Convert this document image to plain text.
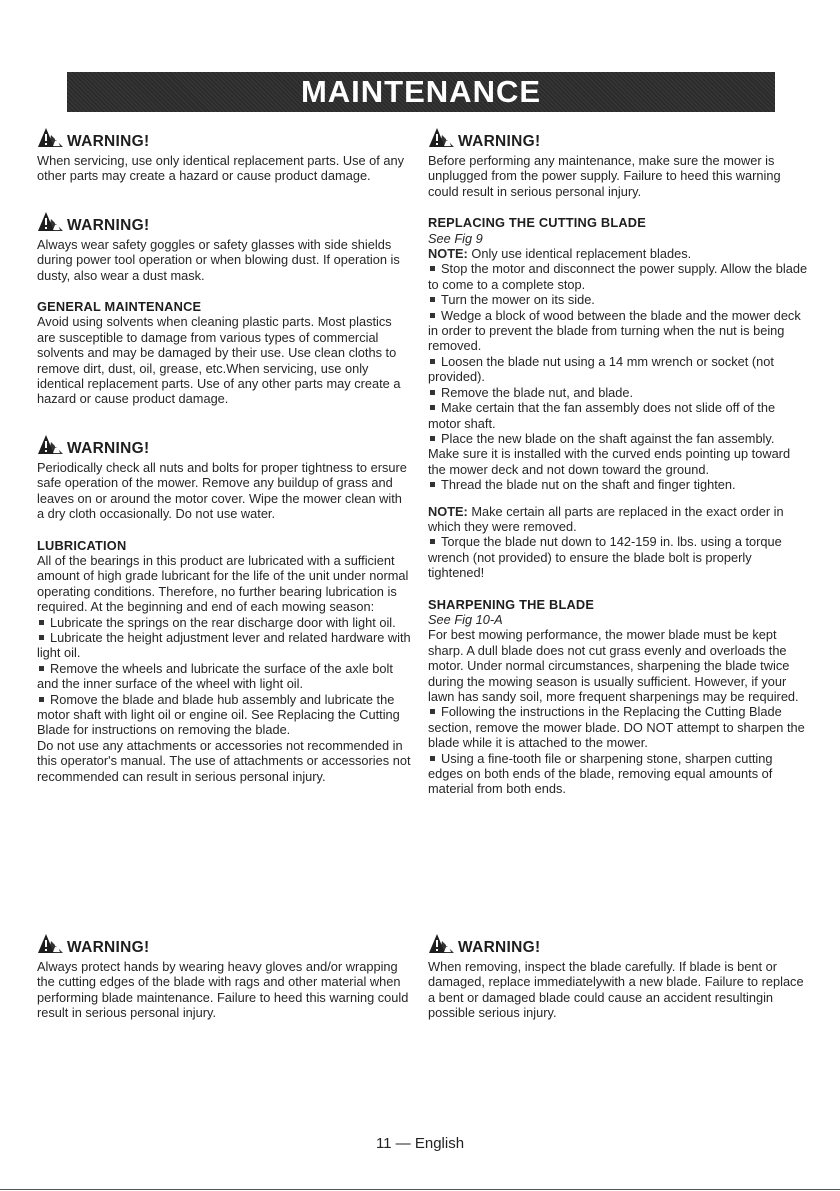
MAINTENANCE
WARNING!

When servicing, use only identical replacement parts. Use of any other parts may create a hazard or cause product damage.

WARNING!

Always wear safety goggles or safety glasses with side shields during power tool operation or when blowing dust. If operation is dusty, also wear a dust mask.

GENERAL MAINTENANCE

Avoid using solvents when cleaning plastic parts. Most plastics are susceptible to damage from various types of commercial solvents and may be damaged by their use. Use clean cloths to remove dirt, dust, oil, grease, etc.When servicing, use only identical replacement parts. Use of any other parts may create a hazard or cause product damage.

WARNING!

Periodically check all nuts and bolts for proper tightness to ersure safe operation of the mower. Remove any buildup of grass and leaves on or around the motor cover. Wipe the mower clean with a dry cloth occasionally. Do not use water.

LUBRICATION

All of the bearings in this product are lubricated with a sufficient amount of high grade lubricant for the life of the unit under normal operating conditions. Therefore, no further bearing lubrication is required. At the beginning and end of each mowing season:

Lubricate the springs on the rear discharge door with light oil.

Lubricate the height adjustment lever and related hardware with light oil.

Remove the wheels and lubricate the surface of the axle bolt and the inner surface of the wheel with light oil.

Romove the blade and blade hub assembly and lubricate the motor shaft with light oil or engine oil. See Replacing the Cutting Blade for instructions on removing the blade.

Do not use any attachments or accessories not recommended in this operator's manual. The use of attachments or accessories not recommended can result in serious personal injury.

WARNING!

Always protect hands by wearing heavy gloves and/or wrapping the cutting edges of the blade with rags and other material when performing blade maintenance. Failure to heed this warning could result in serious personal injury.

WARNING!

Before performing any maintenance, make sure the mower is unplugged from the power supply. Failure to heed this warning could result in serious personal injury.

REPLACING THE CUTTING BLADE

See Fig 9

NOTE: Only use identical replacement blades.

Stop the motor and disconnect the power supply. Allow the blade to come to a complete stop.

Turn the mower on its side.

Wedge a block of wood between the blade and the mower deck in order to prevent the blade from turning when the nut is being removed.

Loosen the blade nut using a 14 mm wrench or socket (not provided).

Remove the blade nut, and blade.

Make certain that the fan assembly does not slide off of the motor shaft.

Place the new blade on the shaft against the fan assembly. Make sure it is installed with the curved ends pointing up toward the mower deck and not down toward the ground.

Thread the blade nut on the shaft and finger tighten.

NOTE: Make certain all parts are replaced in the exact order in which they were removed.

Torque the blade nut down to 142-159 in. lbs. using a torque wrench (not provided) to ensure the blade bolt is properly tightened!

SHARPENING THE BLADE

See Fig 10-A

For best mowing performance, the mower blade must be kept sharp. A dull blade does not cut grass evenly and overloads the motor. Under normal circumstances, sharpening the blade twice during the mowing season is usually sufficient. However, if your lawn has sandy soil, more frequent sharpenings may be required.

Following the instructions in the Replacing the Cutting Blade section, remove the mower blade. DO NOT attempt to sharpen the blade while it is attached to the mower.

Using a fine-tooth file or sharpening stone, sharpen cutting edges on both ends of the blade, removing equal amounts of material from both ends.

WARNING!

When removing, inspect the blade carefully. If blade is bent or damaged, replace immediatelywith a new blade. Failure to replace a bent or damaged blade could cause an accident resultingin possible serious injury.

11 — English
